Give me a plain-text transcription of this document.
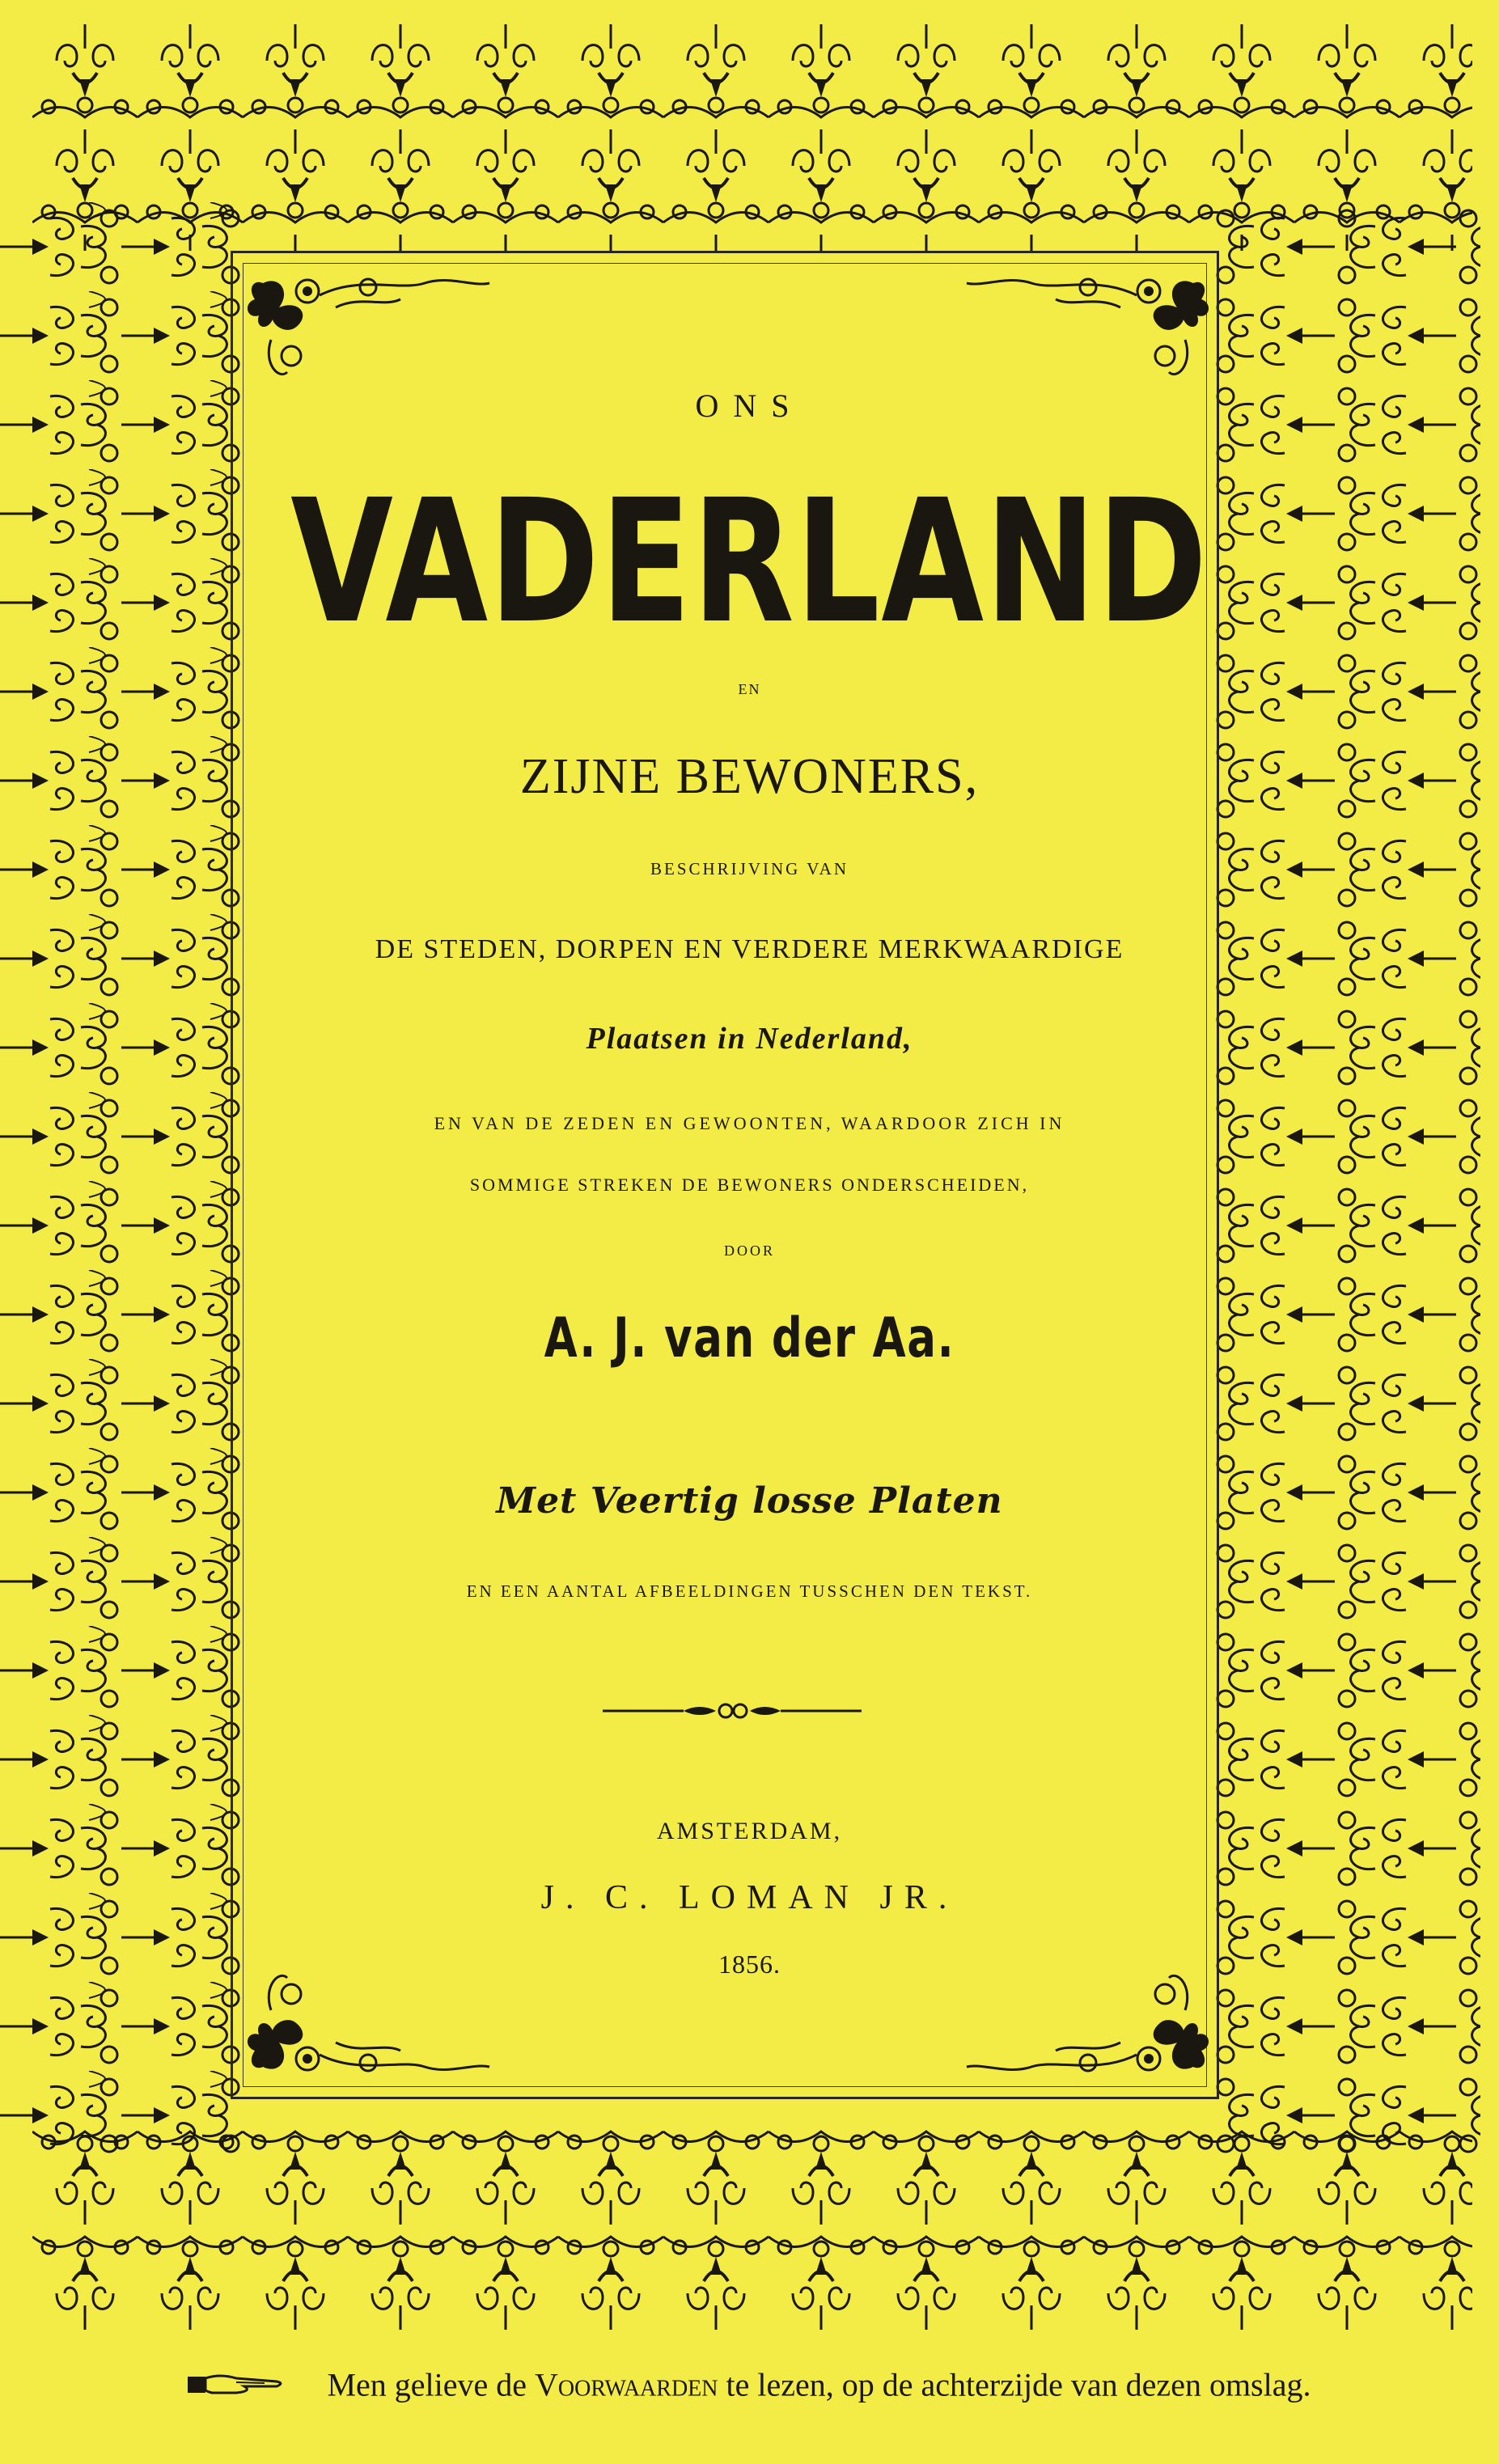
ONS
VADERLAND
EN
ZIJNE BEWONERS,
BESCHRIJVING VAN
DE STEDEN, DORPEN EN VERDERE MERKWAARDIGE
Plaatsen in Nederland,
EN VAN DE ZEDEN EN GEWOONTEN, WAARDOOR ZICH IN
SOMMIGE STREKEN DE BEWONERS ONDERSCHEIDEN,
DOOR
A. J. van der Aa.
Met Veertig losse Platen
EN EEN AANTAL AFBEELDINGEN TUSSCHEN DEN TEKST.
AMSTERDAM,
J. C. LOMAN JR.
1856.
Men gelieve de Voorwaarden te lezen, op de achterzijde van dezen omslag.
